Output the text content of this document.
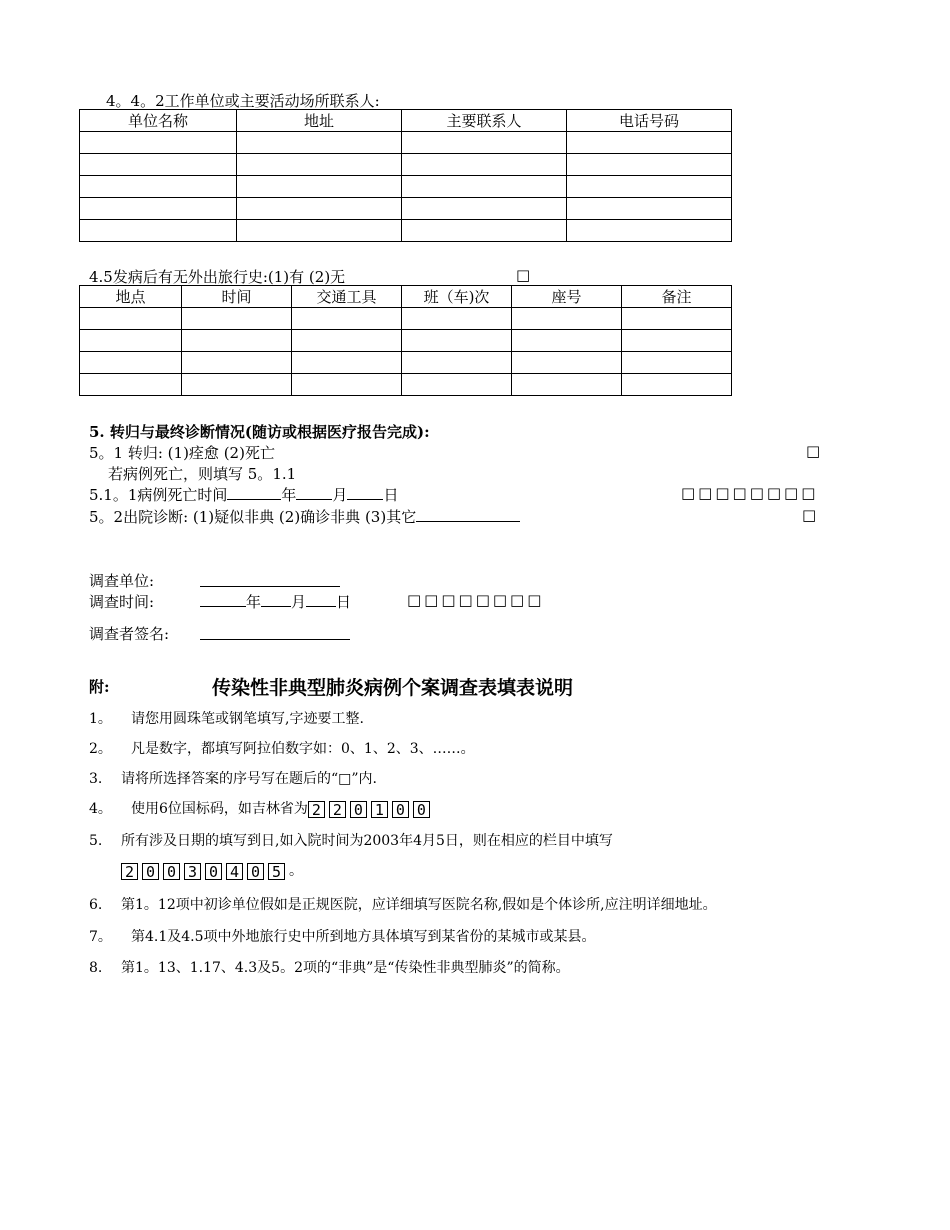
4。4。2工作单位或主要活动场所联系人:
单位名称	地址	主要联系人	电话号码

4.5发病后有无外出旅行史:(1)有 (2)无	□
地点	时间	交通工具	班（车)次	座号	备注

5. 转归与最终诊断情况(随访或根据医疗报告完成):
5。1 转归: (1)痊愈 (2)死亡	□
若病例死亡，则填写 5。1.1
5.1。1病例死亡时间	年 月 日	□□□□□□□□
5。2出院诊断: (1)疑似非典 (2)确诊非典 (3)其它	□
调查单位:
调查时间:	年 月 日	□□□□□□□□
调查者签名:
附:	传染性非典型肺炎病例个案调查表填表说明
1。 请您用圆珠笔或钢笔填写,字迹要工整.
2。 凡是数字，都填写阿拉伯数字如：0、1、2、3、……。
3. 请将所选择答案的序号写在题后的“□”内.
4。 使用6位国标码，如吉林省为 2 2 0 1 0 0
5. 所有涉及日期的填写到日,如入院时间为2003年4月5日，则在相应的栏目中填写
2 0 0 3 0 4 0 5 。
6. 第1。12项中初诊单位假如是正规医院，应详细填写医院名称,假如是个体诊所,应注明详细地址。
7。 第4.1及4.5项中外地旅行史中所到地方具体填写到某省份的某城市或某县。
8. 第1。13、1.17、4.3及5。2项的“非典”是“传染性非典型肺炎”的简称。
